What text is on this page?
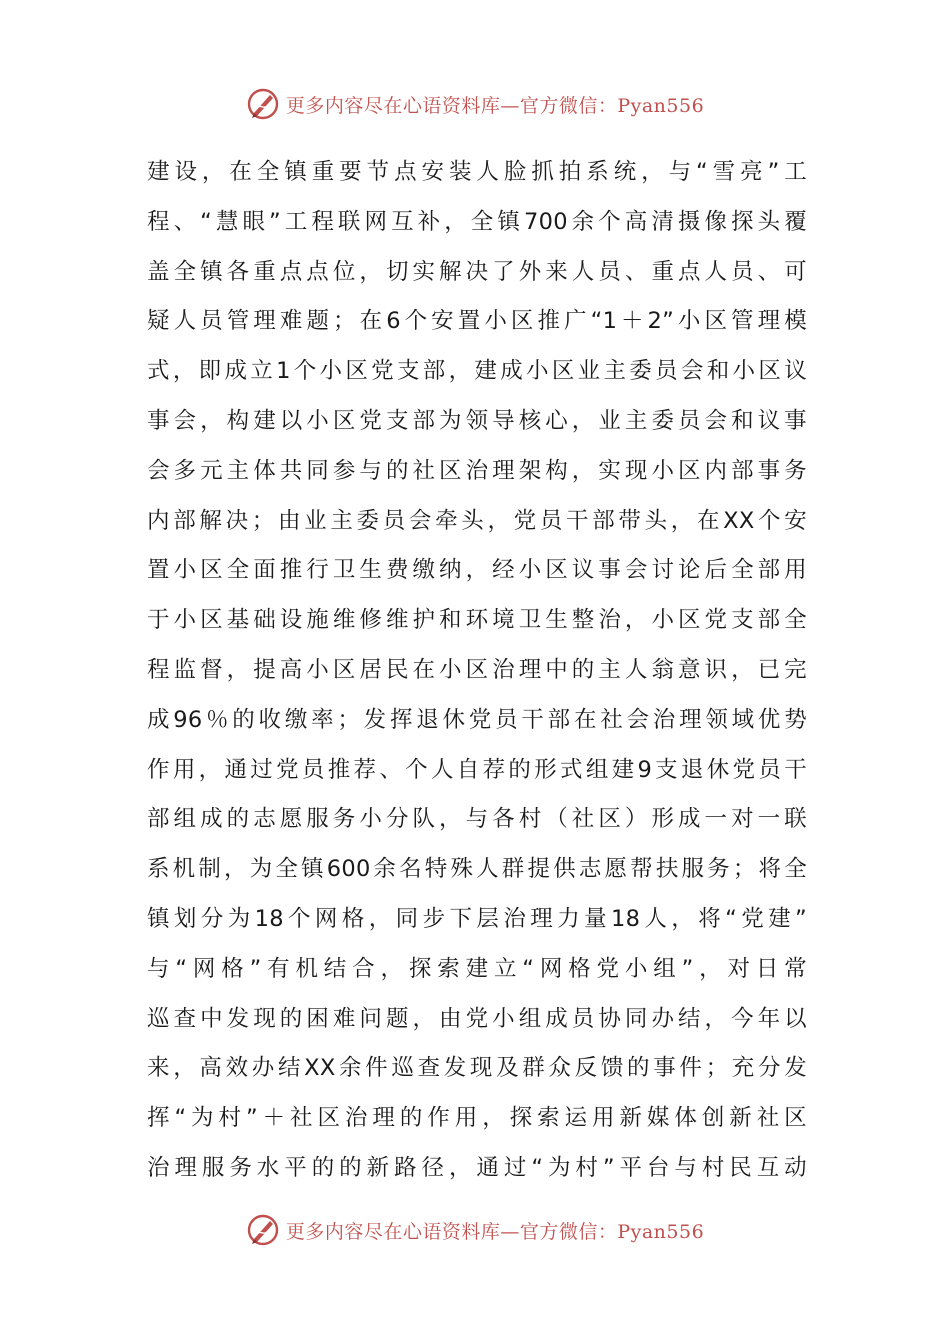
更多内容尽在心语资料库—官方微信：Pyan556
建设，在全镇重要节点安装人脸抓拍系统，与“雪亮”工
程、“慧眼”工程联网互补，全镇700余个高清摄像探头覆
盖全镇各重点点位，切实解决了外来人员、重点人员、可
疑人员管理难题；在6个安置小区推广“1＋2”小区管理模
式，即成立1个小区党支部，建成小区业主委员会和小区议
事会，构建以小区党支部为领导核心，业主委员会和议事
会多元主体共同参与的社区治理架构，实现小区内部事务
内部解决；由业主委员会牵头，党员干部带头，在XX个安
置小区全面推行卫生费缴纳，经小区议事会讨论后全部用
于小区基础设施维修维护和环境卫生整治，小区党支部全
程监督，提高小区居民在小区治理中的主人翁意识，已完
成96％的收缴率；发挥退休党员干部在社会治理领域优势
作用，通过党员推荐、个人自荐的形式组建9支退休党员干
部组成的志愿服务小分队，与各村（社区）形成一对一联
系机制，为全镇600余名特殊人群提供志愿帮扶服务；将全
镇划分为18个网格，同步下层治理力量18人，将“党建”
与“网格”有机结合，探索建立“网格党小组”，对日常
巡查中发现的困难问题，由党小组成员协同办结，今年以
来，高效办结XX余件巡查发现及群众反馈的事件；充分发
挥“为村”＋社区治理的作用，探索运用新媒体创新社区
治理服务水平的的新路径，通过“为村”平台与村民互动
更多内容尽在心语资料库—官方微信：Pyan556
